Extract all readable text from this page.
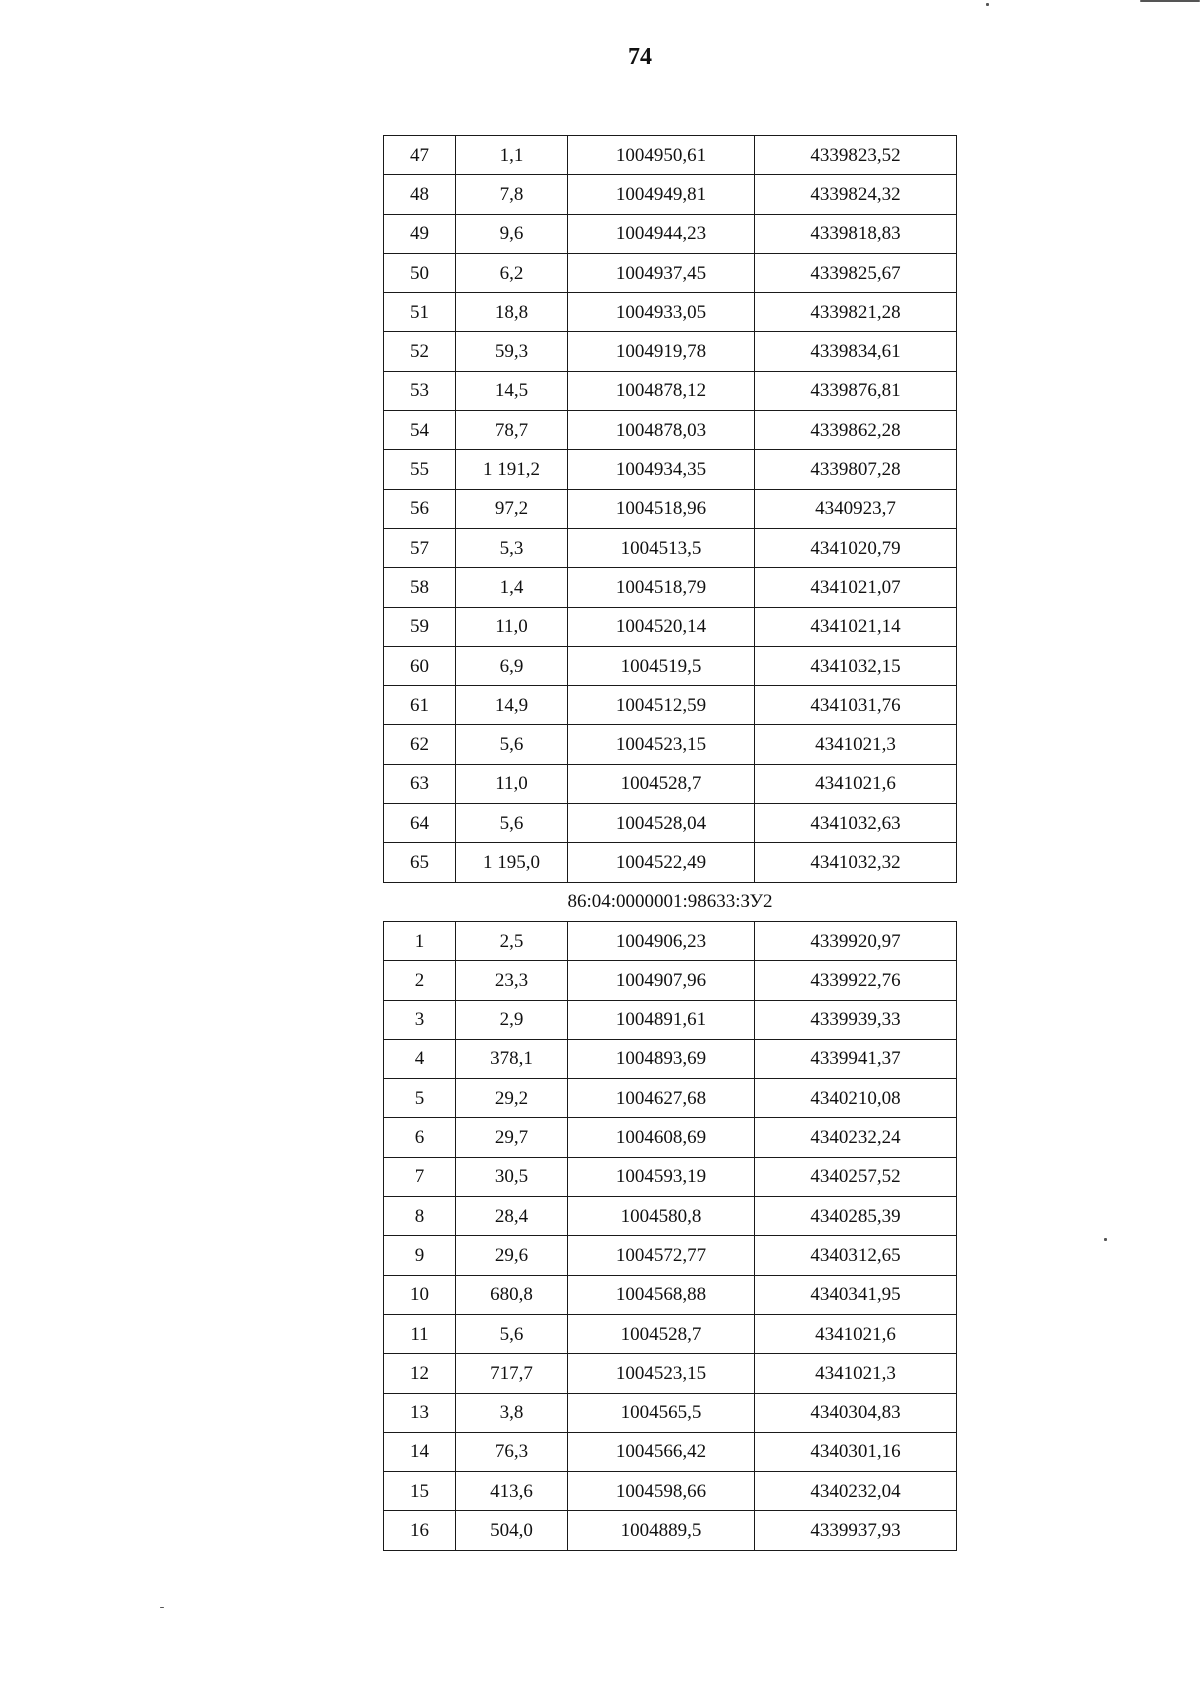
74
47	1,1	1004950,61	4339823,52
48	7,8	1004949,81	4339824,32
49	9,6	1004944,23	4339818,83
50	6,2	1004937,45	4339825,67
51	18,8	1004933,05	4339821,28
52	59,3	1004919,78	4339834,61
53	14,5	1004878,12	4339876,81
54	78,7	1004878,03	4339862,28
55	1 191,2	1004934,35	4339807,28
56	97,2	1004518,96	4340923,7
57	5,3	1004513,5	4341020,79
58	1,4	1004518,79	4341021,07
59	11,0	1004520,14	4341021,14
60	6,9	1004519,5	4341032,15
61	14,9	1004512,59	4341031,76
62	5,6	1004523,15	4341021,3
63	11,0	1004528,7	4341021,6
64	5,6	1004528,04	4341032,63
65	1 195,0	1004522,49	4341032,32
86:04:0000001:98633:ЗУ2			
1	2,5	1004906,23	4339920,97
2	23,3	1004907,96	4339922,76
3	2,9	1004891,61	4339939,33
4	378,1	1004893,69	4339941,37
5	29,2	1004627,68	4340210,08
6	29,7	1004608,69	4340232,24
7	30,5	1004593,19	4340257,52
8	28,4	1004580,8	4340285,39
9	29,6	1004572,77	4340312,65
10	680,8	1004568,88	4340341,95
11	5,6	1004528,7	4341021,6
12	717,7	1004523,15	4341021,3
13	3,8	1004565,5	4340304,83
14	76,3	1004566,42	4340301,16
15	413,6	1004598,66	4340232,04
16	504,0	1004889,5	4339937,93
